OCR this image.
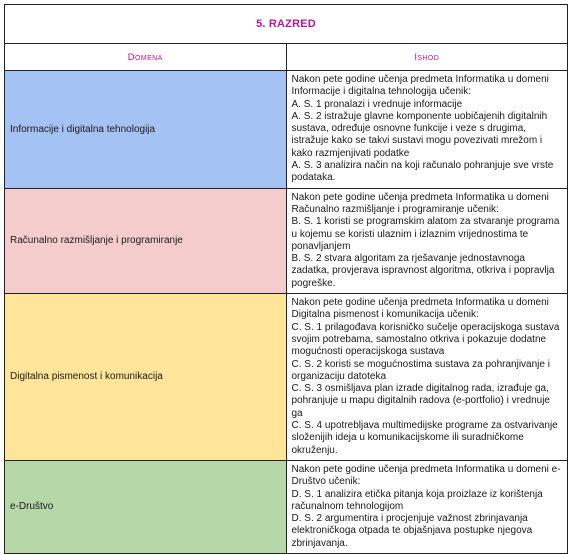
5. RAZRED	
Domena	Ishod
Informacije i digitalna tehnologija	Nakon pete godine učenja predmeta Informatika u domeni Informacije i digitalna tehnologija učenik:
A. S. 1 pronalazi i vrednuje informacije
A. S. 2 istražuje glavne komponente uobičajenih digitalnih sustava, određuje osnovne funkcije i veze s drugima, istražuje kako se takvi sustavi mogu povezivati mrežom i kako razmjenjivati podatke
A. S. 3 analizira način na koji računalo pohranjuje sve vrste podataka.

Računalno razmišljanje i programiranje	Nakon pete godine učenja predmeta Informatika u domeni Računalno razmišljanje i programiranje učenik:
B. S. 1 koristi se programskim alatom za stvaranje programa u kojemu se koristi ulaznim i izlaznim vrijednostima te ponavljanjem
B. S. 2 stvara algoritam za rješavanje jednostavnoga zadatka, provjerava ispravnost algoritma, otkriva i popravlja pogreške.

Digitalna pismenost i komunikacija	Nakon pete godine učenja predmeta Informatika u domeni Digitalna pismenost i komunikacija učenik:
C. S. 1 prilagođava korisničko sučelje operacijskoga sustava svojim potrebama, samostalno otkriva i pokazuje dodatne mogućnosti operacijskoga sustava
C. S. 2 koristi se mogućnostima sustava za pohranjivanje i organizaciju datoteka
C. S. 3 osmišljava plan izrade digitalnog rada, izrađuje ga, pohranjuje u mapu digitalnih radova (e-portfolio) i vrednuje ga
C. S. 4 upotrebljava multimedijske programe za ostvarivanje složenijih ideja u komunikacijskome ili suradničkome okruženju.

e-Društvo	Nakon pete godine učenja predmeta Informatika u domeni e-Društvo učenik:
D. S. 1 analizira etička pitanja koja proizlaze iz korištenja računalnom tehnologijom
D. S. 2 argumentira i procjenjuje važnost zbrinjavanja elektroničkoga otpada te objašnjava postupke njegova zbrinjavanja.
